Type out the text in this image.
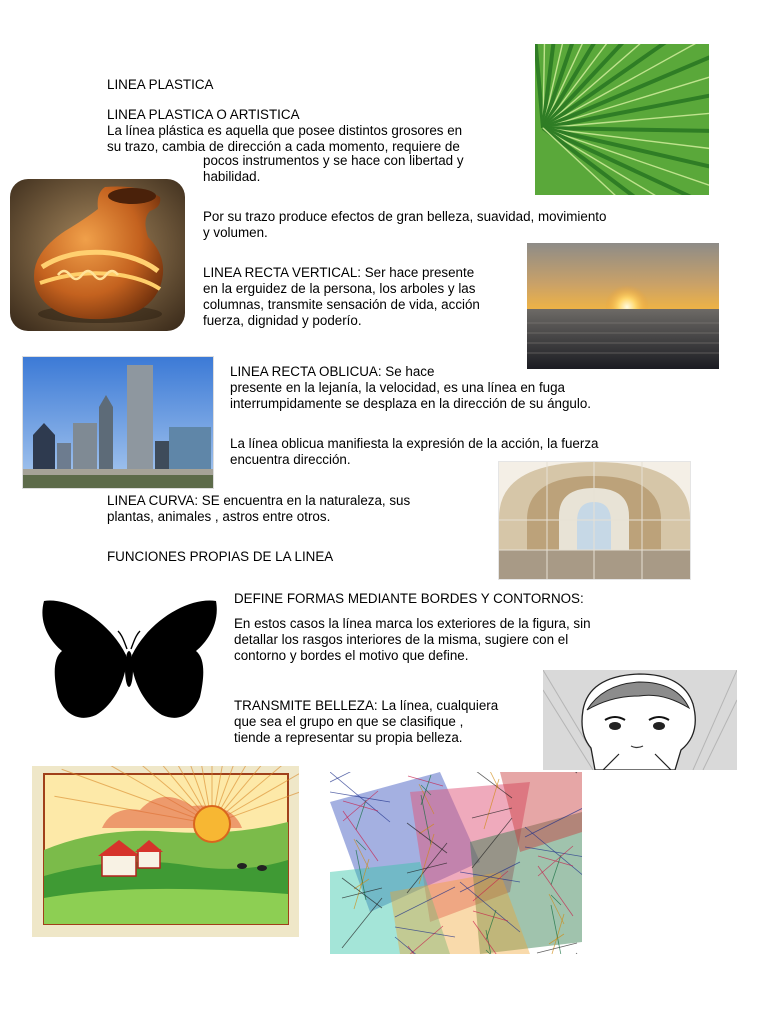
LINEA PLASTICA

LINEA PLASTICA O ARTISTICA

La línea plástica es aquella que posee distintos grosores en

su trazo, cambia de dirección a cada momento, requiere de

pocos instrumentos y se hace con libertad y

habilidad.

Por su trazo produce efectos de gran belleza, suavidad, movimiento

y volumen.

LINEA RECTA VERTICAL: Ser hace presente

en la erguidez de la persona, los arboles y las

columnas, transmite sensación de vida, acción

fuerza, dignidad y poderío.

LINEA RECTA OBLICUA: Se hace

presente en la lejanía, la velocidad, es una línea en fuga

interrumpidamente se desplaza en la dirección de su ángulo.

La línea oblicua manifiesta la expresión de la acción, la fuerza

encuentra dirección.

LINEA CURVA: SE encuentra en la naturaleza, sus

plantas, animales , astros entre otros.

FUNCIONES PROPIAS DE LA LINEA

DEFINE FORMAS MEDIANTE BORDES Y CONTORNOS:

En estos casos la línea marca los exteriores de la figura, sin

detallar los rasgos interiores de la misma, sugiere con el

contorno y bordes el motivo que define.

TRANSMITE BELLEZA: La línea, cualquiera

que sea el grupo en que se clasifique ,

tiende a representar su propia belleza.
